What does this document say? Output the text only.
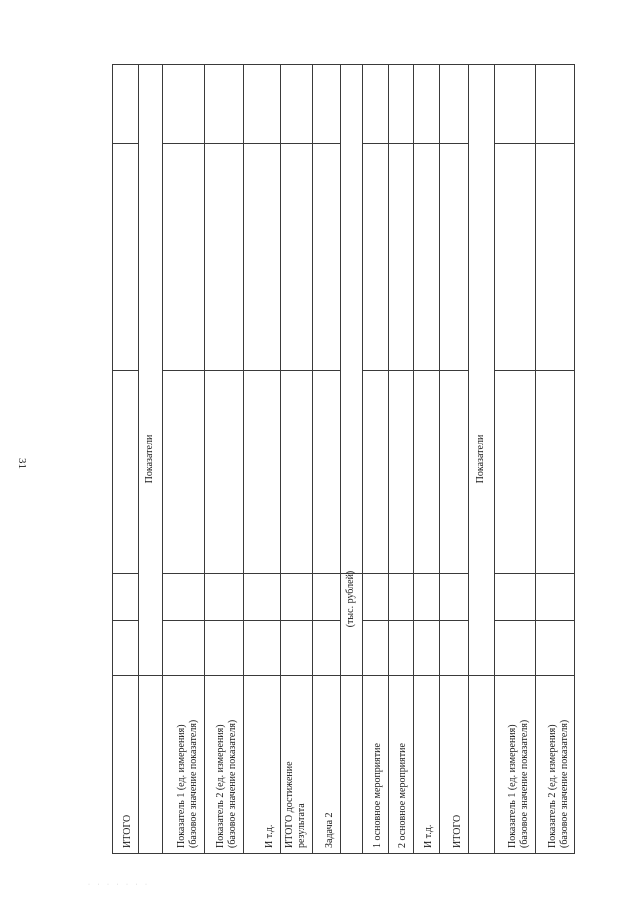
31
ИТОГО
Показатели
Показатель 1 (ед. измерения) (базовое значение показателя) Показатель 2 (ед. измерения) (базовое значение показателя)	И т.д. ИТОГО достижение результата Задача 2
(тыс. рублей)
1 основное мероприятие 2 основное мероприятие И т.д. ИТОГО
Показатели
Показатель 1 (ед. измерения) (базовое значение показателя) Показатель 2 (ед. измерения) (базовое значение показателя)
· · · · · · ·
